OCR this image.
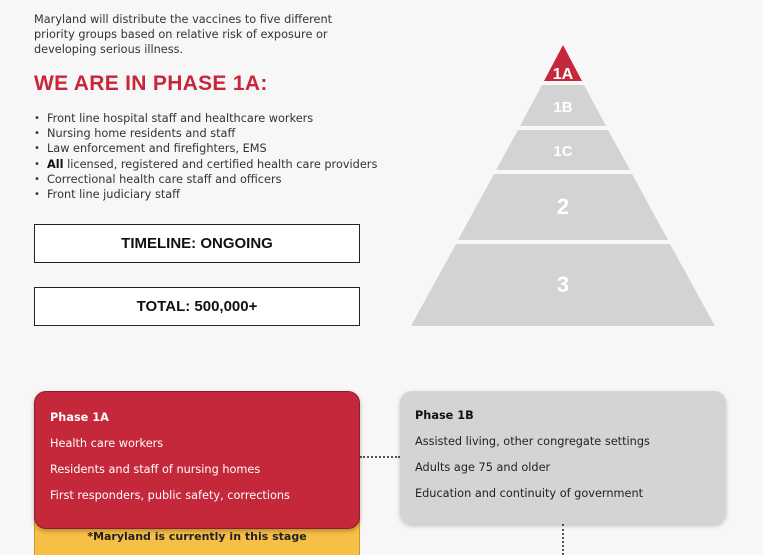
Maryland will distribute the vaccines to five different priority groups based on relative risk of exposure or developing serious illness.

WE ARE IN PHASE 1A:
• Front line hospital staff and healthcare workers
• Nursing home residents and staff
• Law enforcement and firefighters, EMS
• All licensed, registered and certified health care providers
• Correctional health care staff and officers
• Front line judiciary staff
TIMELINE: ONGOING
TOTAL: 500,000+
1A
1B
1C
2
3
*Maryland is currently in this stage
Phase 1A
Health care workers
Residents and staff of nursing homes
First responders, public safety, corrections
Phase 1B
Assisted living, other congregate settings
Adults age 75 and older
Education and continuity of government
